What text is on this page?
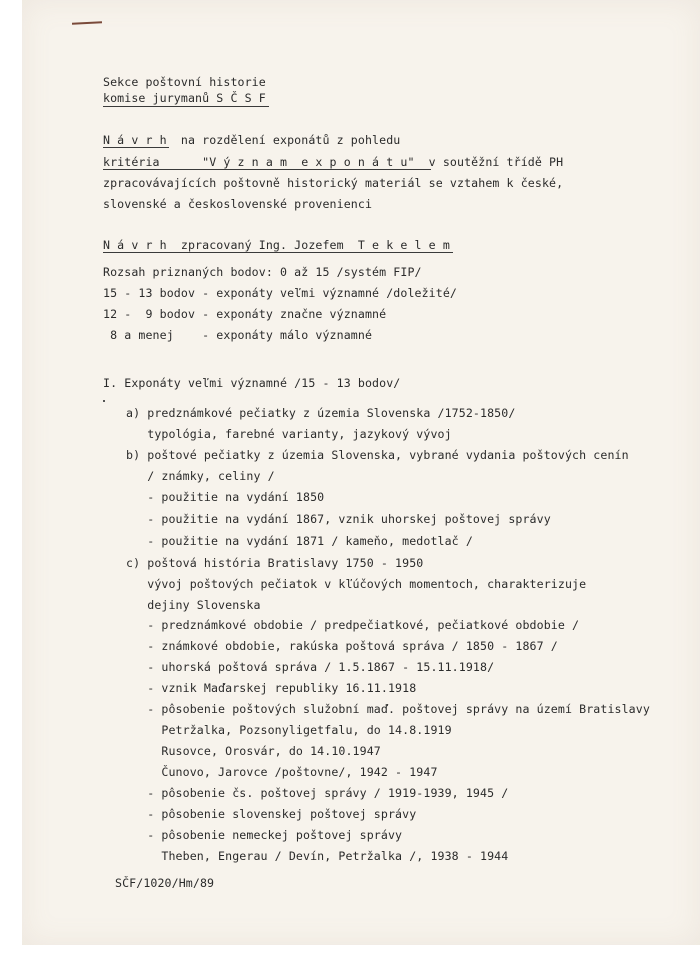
Sekce poštovní historie
komise jurymanů S Č S F
N á v r h  na rozdělení exponátů z pohledu
kritéria      "V ý z n a m  e x p o n á t u"  v soutěžní třídě PH
zpracovávajících poštovně historický materiál se vztahem k české,
slovenské a československé provenienci
N á v r h  zpracovaný Ing. Jozefem  T e k e l e m
Rozsah priznaných bodov: 0 až 15 /systém FIP/
15 - 13 bodov - exponáty veľmi významné /doležité/
12 -  9 bodov - exponáty značne významné
8 a menej    - exponáty málo významné
I. Exponáty veľmi významné /15 - 13 bodov/
a) predznámkové pečiatky z územia Slovenska /1752-1850/
typológia, farebné varianty, jazykový vývoj
b) poštové pečiatky z územia Slovenska, vybrané vydania poštových cenín
/ známky, celiny /
- použitie na vydání 1850
- použitie na vydání 1867, vznik uhorskej poštovej správy
- použitie na vydání 1871 / kameňo, medotlač /
c) poštová história Bratislavy 1750 - 1950
vývoj poštových pečiatok v kľúčových momentoch, charakterizuje
dejiny Slovenska
- predznámkové obdobie / predpečiatkové, pečiatkové obdobie /
- známkové obdobie, rakúska poštová správa / 1850 - 1867 /
- uhorská poštová správa / 1.5.1867 - 15.11.1918/
- vznik Maďarskej republiky 16.11.1918
- pôsobenie poštových služobní maď. poštovej správy na území Bratislavy
Petržalka, Pozsonyligetfalu, do 14.8.1919
Rusovce, Orosvár, do 14.10.1947
Čunovo, Jarovce /poštovne/, 1942 - 1947
- pôsobenie čs. poštovej správy / 1919-1939, 1945 /
- pôsobenie slovenskej poštovej správy
- pôsobenie nemeckej poštovej správy
Theben, Engerau / Devín, Petržalka /, 1938 - 1944
SČF/1020/Hm/89
